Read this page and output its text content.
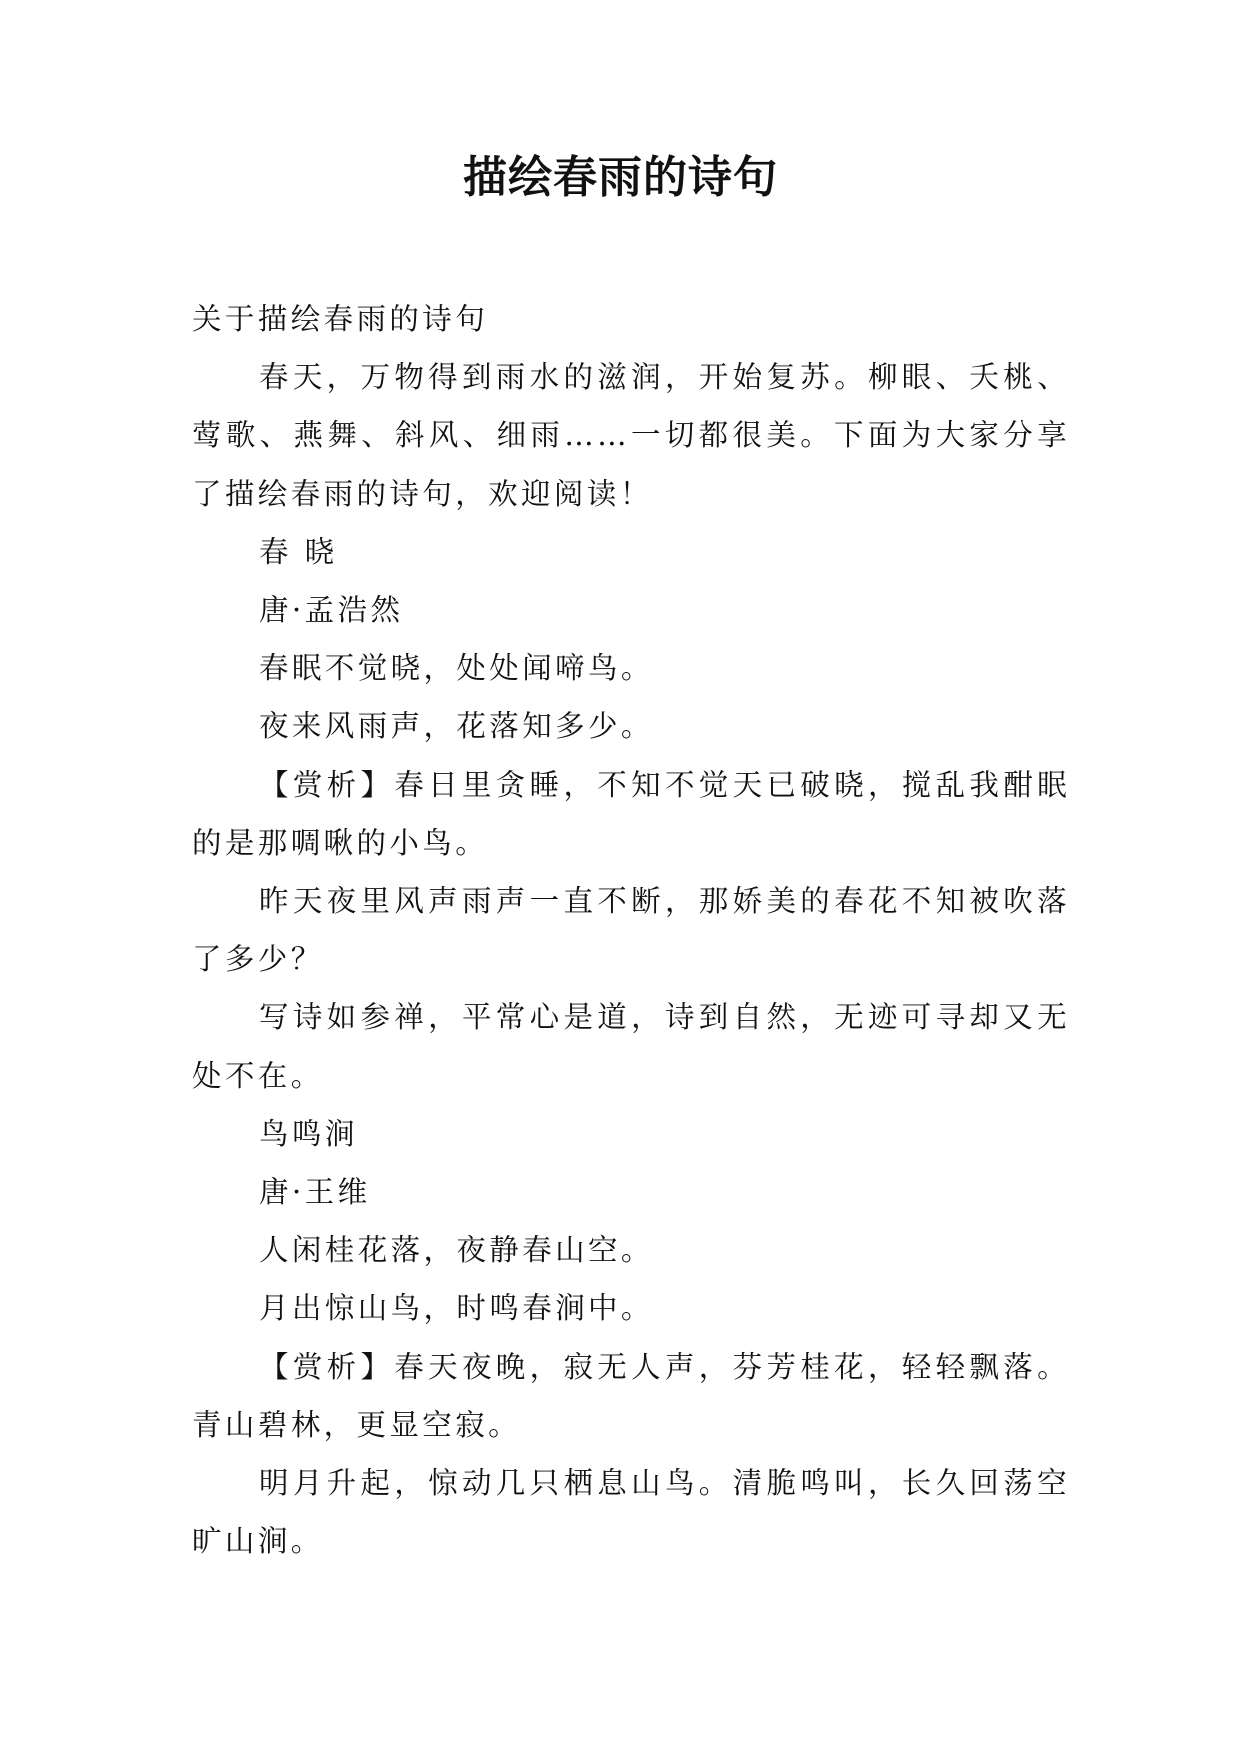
描绘春雨的诗句

关于描绘春雨的诗句

春天，万物得到雨水的滋润，开始复苏。柳眼、夭桃、莺歌、燕舞、斜风、细雨……一切都很美。下面为大家分享了描绘春雨的诗句，欢迎阅读！

春 晓

唐·孟浩然

春眠不觉晓，处处闻啼鸟。

夜来风雨声，花落知多少。

【赏析】春日里贪睡，不知不觉天已破晓，搅乱我酣眠的是那啁啾的小鸟。

昨天夜里风声雨声一直不断，那娇美的春花不知被吹落了多少？

写诗如参禅，平常心是道，诗到自然，无迹可寻却又无处不在。

鸟鸣涧

唐·王维

人闲桂花落，夜静春山空。

月出惊山鸟，时鸣春涧中。

【赏析】春天夜晚，寂无人声，芬芳桂花，轻轻飘落。青山碧林，更显空寂。

明月升起，惊动几只栖息山鸟。清脆鸣叫，长久回荡空旷山涧。
